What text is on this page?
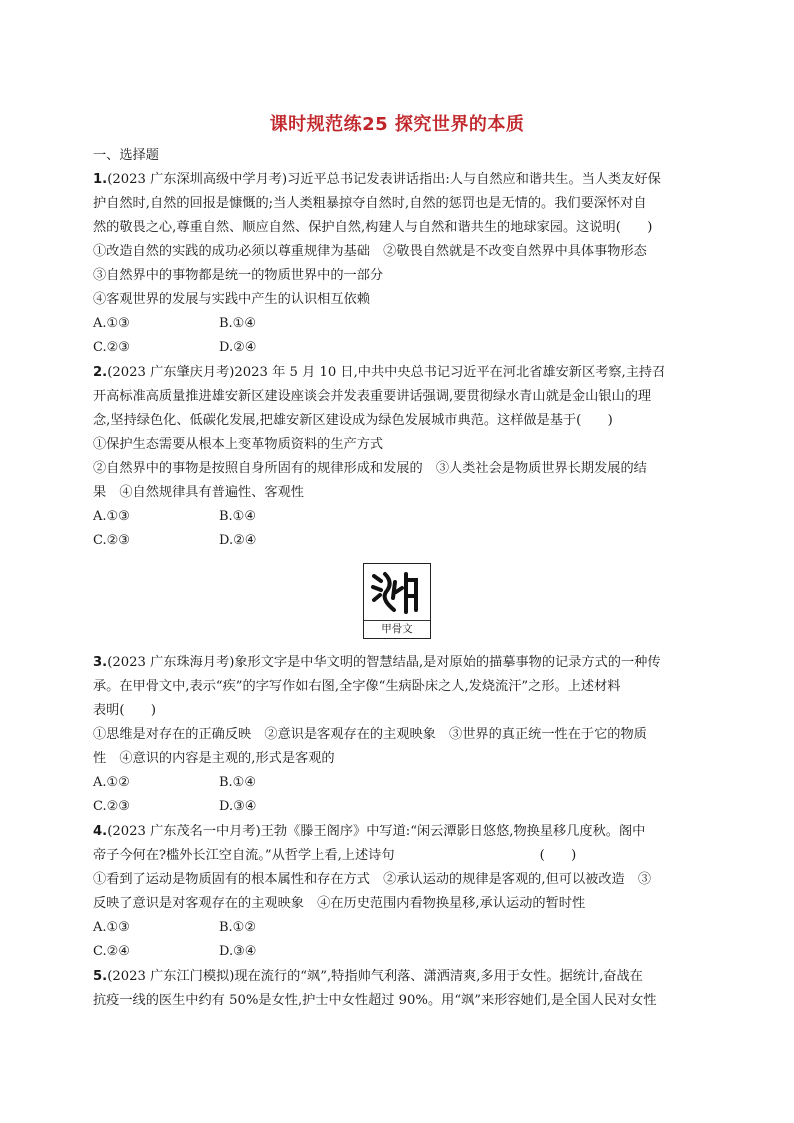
课时规范练25 探究世界的本质
一、选择题
1.(2023 广东深圳高级中学月考)习近平总书记发表讲话指出:人与自然应和谐共生。当人类友好保
护自然时,自然的回报是慷慨的;当人类粗暴掠夺自然时,自然的惩罚也是无情的。我们要深怀对自
然的敬畏之心,尊重自然、顺应自然、保护自然,构建人与自然和谐共生的地球家园。这说明(　　)
①改造自然的实践的成功必须以尊重规律为基础　②敬畏自然就是不改变自然界中具体事物形态
③自然界中的事物都是统一的物质世界中的一部分
④客观世界的发展与实践中产生的认识相互依赖
A.①③	B.①④
C.②③	D.②④
2.(2023 广东肇庆月考)2023 年 5 月 10 日,中共中央总书记习近平在河北省雄安新区考察,主持召
开高标准高质量推进雄安新区建设座谈会并发表重要讲话强调,要贯彻绿水青山就是金山银山的理
念,坚持绿色化、低碳化发展,把雄安新区建设成为绿色发展城市典范。这样做是基于(　　)
①保护生态需要从根本上变革物质资料的生产方式
②自然界中的事物是按照自身所固有的规律形成和发展的　③人类社会是物质世界长期发展的结
果　④自然规律具有普遍性、客观性
A.①③	B.①④
C.②③	D.②④
甲骨文
3.(2023 广东珠海月考)象形文字是中华文明的智慧结晶,是对原始的描摹事物的记录方式的一种传
承。在甲骨文中,表示“疾”的字写作如右图,全字像“生病卧床之人,发烧流汗”之形。上述材料
表明(　　)
①思维是对存在的正确反映　②意识是客观存在的主观映象　③世界的真正统一性在于它的物质
性　④意识的内容是主观的,形式是客观的
A.①②	B.①④
C.②③	D.③④
4.(2023 广东茂名一中月考)王勃《滕王阁序》中写道:“闲云潭影日悠悠,物换星移几度秋。阁中
帝子今何在?槛外长江空自流。”从哲学上看,上述诗句　　　　　　　　　　　(　　)
①看到了运动是物质固有的根本属性和存在方式　②承认运动的规律是客观的,但可以被改造　③
反映了意识是对客观存在的主观映象　④在历史范围内看物换星移,承认运动的暂时性
A.①③	B.①②
C.②④	D.③④
5.(2023 广东江门模拟)现在流行的“飒”,特指帅气利落、潇洒清爽,多用于女性。据统计,奋战在
抗疫一线的医生中约有 50%是女性,护士中女性超过 90%。用“飒”来形容她们,是全国人民对女性
